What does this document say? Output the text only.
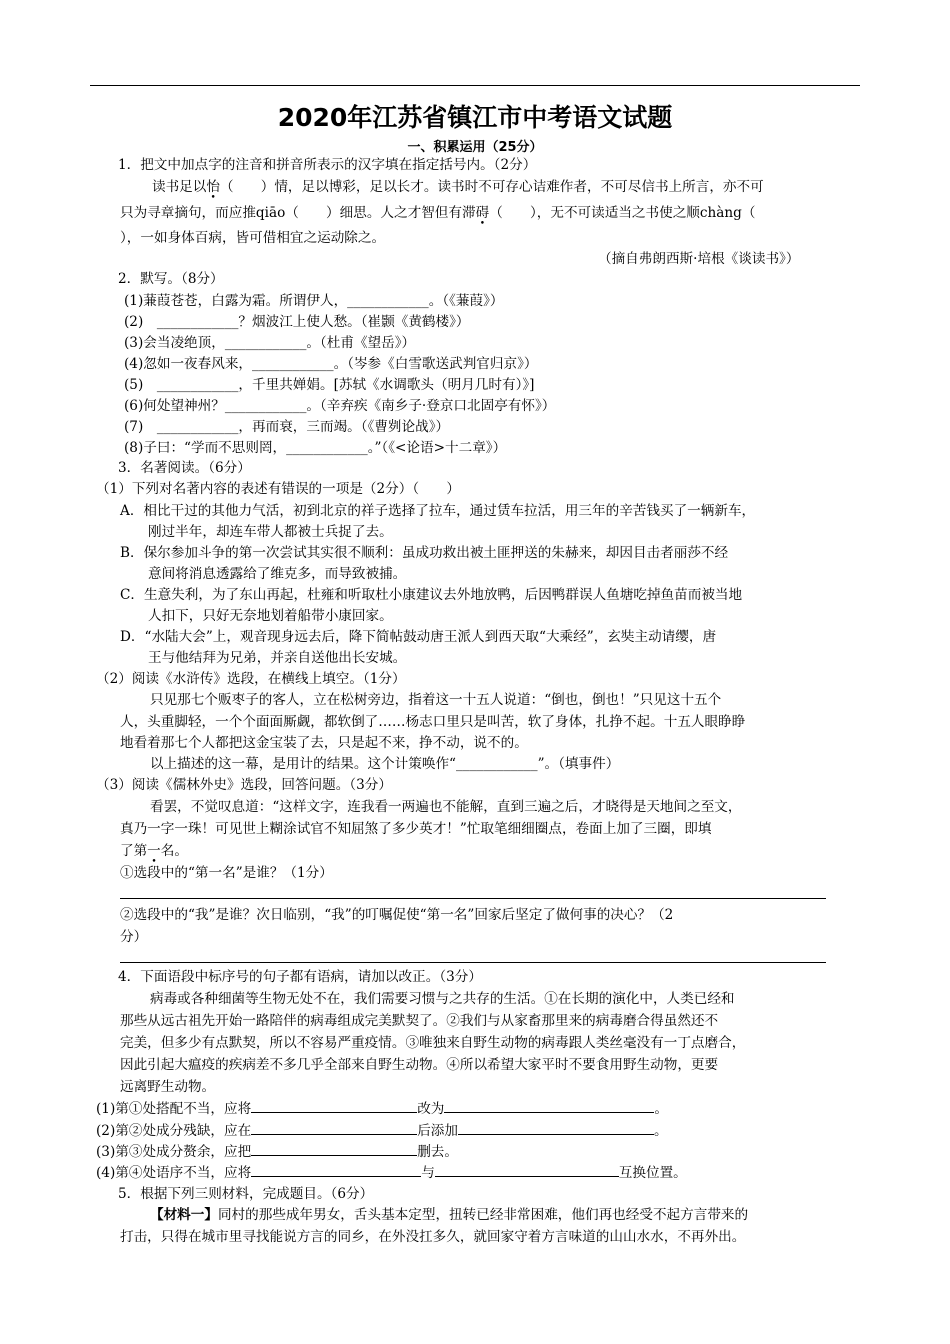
2020年江苏省镇江市中考语文试题
一、积累运用（25分）
1．把文中加点字的注音和拼音所表示的汉字填在指定括号内。（2分）
读书足以怡（　　）情，足以博彩，足以长才。读书时不可存心诘难作者，不可尽信书上所言，亦不可
只为寻章摘句，而应推qiāo（　　）细思。人之才智但有滞碍（　　），无不可读适当之书使之顺chàng（
），一如身体百病，皆可借相宜之运动除之。
（摘自弗朗西斯·培根《谈读书》）
2．默写。（8分）
(1)蒹葭苍苍，白露为霜。所谓伊人，____________。（《蒹葭》）
(2)　____________？烟波江上使人愁。（崔颢《黄鹤楼》）
(3)会当凌绝顶，____________。（杜甫《望岳》）
(4)忽如一夜春风来，____________。（岑参《白雪歌送武判官归京》）
(5)　____________，千里共婵娟。[苏轼《水调歌头（明月几时有）》]
(6)何处望神州？____________。（辛弃疾《南乡子·登京口北固亭有怀》）
(7)　____________，再而衰，三而竭。（《曹刿论战》）
(8)子曰：“学而不思则罔，____________。”（《<论语>十二章》）
3．名著阅读。（6分）
（1）下列对名著内容的表述有错误的一项是（2分）（　　）
A．相比干过的其他力气活，初到北京的祥子选择了拉车，通过赁车拉活，用三年的辛苦钱买了一辆新车，
刚过半年，却连车带人都被士兵捉了去。
B．保尔参加斗争的第一次尝试其实很不顺利：虽成功救出被土匪押送的朱赫来，却因目击者丽莎不经
意间将消息透露给了维克多，而导致被捕。
C．生意失利，为了东山再起，杜雍和听取杜小康建议去外地放鸭，后因鸭群误人鱼塘吃掉鱼苗而被当地
人扣下，只好无奈地划着船带小康回家。
D．“水陆大会”上，观音现身远去后，降下简帖鼓动唐王派人到西天取“大乘经”，玄奘主动请缨，唐
王与他结拜为兄弟，并亲自送他出长安城。
（2）阅读《水浒传》选段，在横线上填空。（1分）
只见那七个贩枣子的客人，立在松树旁边，指着这一十五人说道：“倒也，倒也！”只见这十五个
人，头重脚轻，一个个面面厮觑，都软倒了……杨志口里只是叫苦，软了身体，扎挣不起。十五人眼睁睁
地看着那七个人都把这金宝装了去，只是起不来，挣不动，说不的。
以上描述的这一幕，是用计的结果。这个计策唤作“____________”。（填事件）
（3）阅读《儒林外史》选段，回答问题。（3分）
看罢，不觉叹息道：“这样文字，连我看一两遍也不能解，直到三遍之后，才晓得是天地间之至文，
真乃一字一珠！可见世上糊涂试官不知屈煞了多少英才！”忙取笔细细圈点，卷面上加了三圈，即填
了第一名。
①选段中的“第一名”是谁？（1分）
②选段中的“我”是谁？次日临别，“我”的叮嘱促使“第一名”回家后坚定了做何事的决心？（2
分）
4．下面语段中标序号的句子都有语病，请加以改正。（3分）
病毒或各种细菌等生物无处不在，我们需要习惯与之共存的生活。①在长期的演化中，人类已经和
那些从远古祖先开始一路陪伴的病毒组成完美默契了。②我们与从家畜那里来的病毒磨合得虽然还不
完美，但多少有点默契，所以不容易严重疫情。③唯独来自野生动物的病毒跟人类丝毫没有一丁点磨合，
因此引起大瘟疫的疾病差不多几乎全部来自野生动物。④所以希望大家平时不要食用野生动物，更要
远离野生动物。
(1)第①处搭配不当，应将	改为	。
(2)第②处成分残缺，应在	后添加	。
(3)第③处成分赘余，应把	删去。
(4)第④处语序不当，应将	与	互换位置。
5．根据下列三则材料，完成题目。（6分）
【材料一】同村的那些成年男女，舌头基本定型，扭转已经非常困难，他们再也经受不起方言带来的
打击，只得在城市里寻找能说方言的同乡，在外没扛多久，就回家守着方言味道的山山水水，不再外出。
